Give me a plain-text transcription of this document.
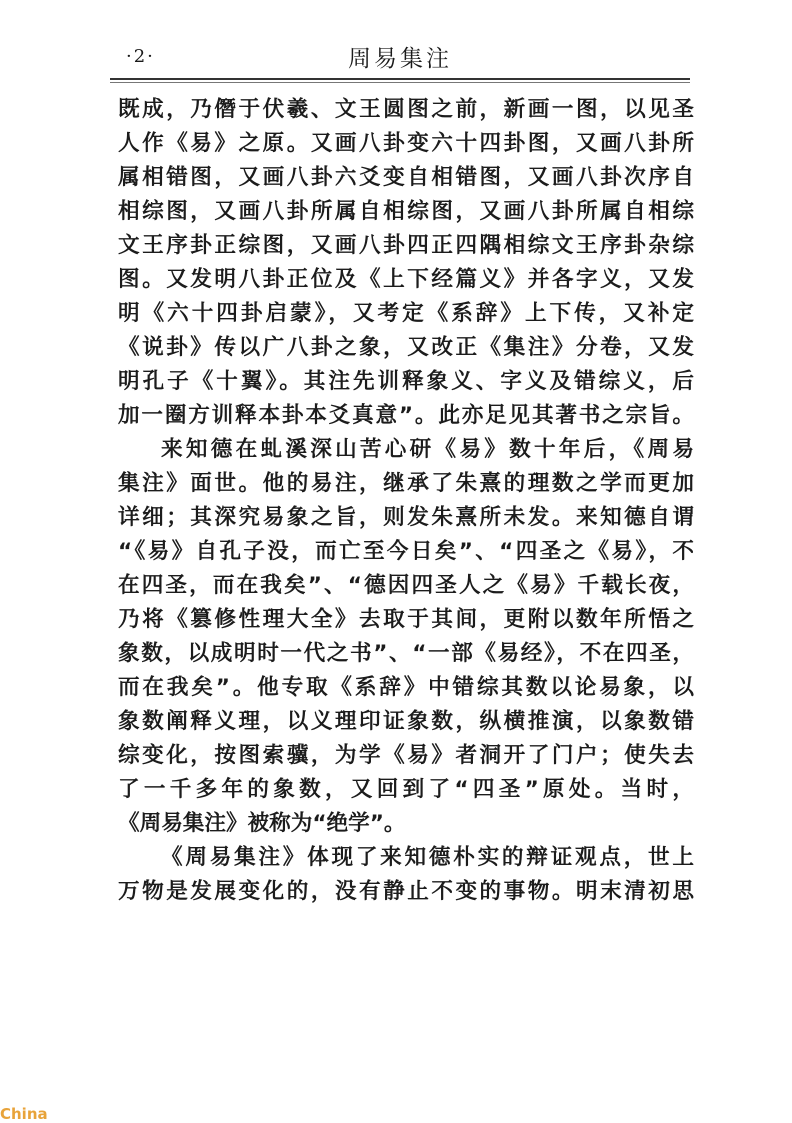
·2·	周易集注

既成，乃僭于伏羲、文王圆图之前，新画一图，以见圣
人作《易》之原。又画八卦变六十四卦图，又画八卦所
属相错图，又画八卦六爻变自相错图，又画八卦次序自
相综图，又画八卦所属自相综图，又画八卦所属自相综
文王序卦正综图，又画八卦四正四隅相综文王序卦杂综
图。又发明八卦正位及《上下经篇义》并各字义，又发
明《六十四卦启蒙》，又考定《系辞》上下传，又补定
《说卦》传以广八卦之象，又改正《集注》分卷，又发
明孔子《十翼》。其注先训释象义、字义及错综义，后
加一圈方训释本卦本爻真意”。此亦足见其著书之宗旨。

来知德在虬溪深山苦心研《易》数十年后，《周易
集注》面世。他的易注，继承了朱熹的理数之学而更加
详细；其深究易象之旨，则发朱熹所未发。来知德自谓
“《易》自孔子没，而亡至今日矣”、“四圣之《易》，不
在四圣，而在我矣”、“德因四圣人之《易》千载长夜，
乃将《篡修性理大全》去取于其间，更附以数年所悟之
象数，以成明时一代之书”、“一部《易经》，不在四圣，
而在我矣”。他专取《系辞》中错综其数以论易象，以
象数阐释义理，以义理印证象数，纵横推演，以象数错
综变化，按图索骥，为学《易》者洞开了门户；使失去
了一千多年的象数，又回到了“四圣”原处。当时，
《周易集注》被称为“绝学”。

《周易集注》体现了来知德朴实的辩证观点，世上
万物是发展变化的，没有静止不变的事物。明末清初思

China
